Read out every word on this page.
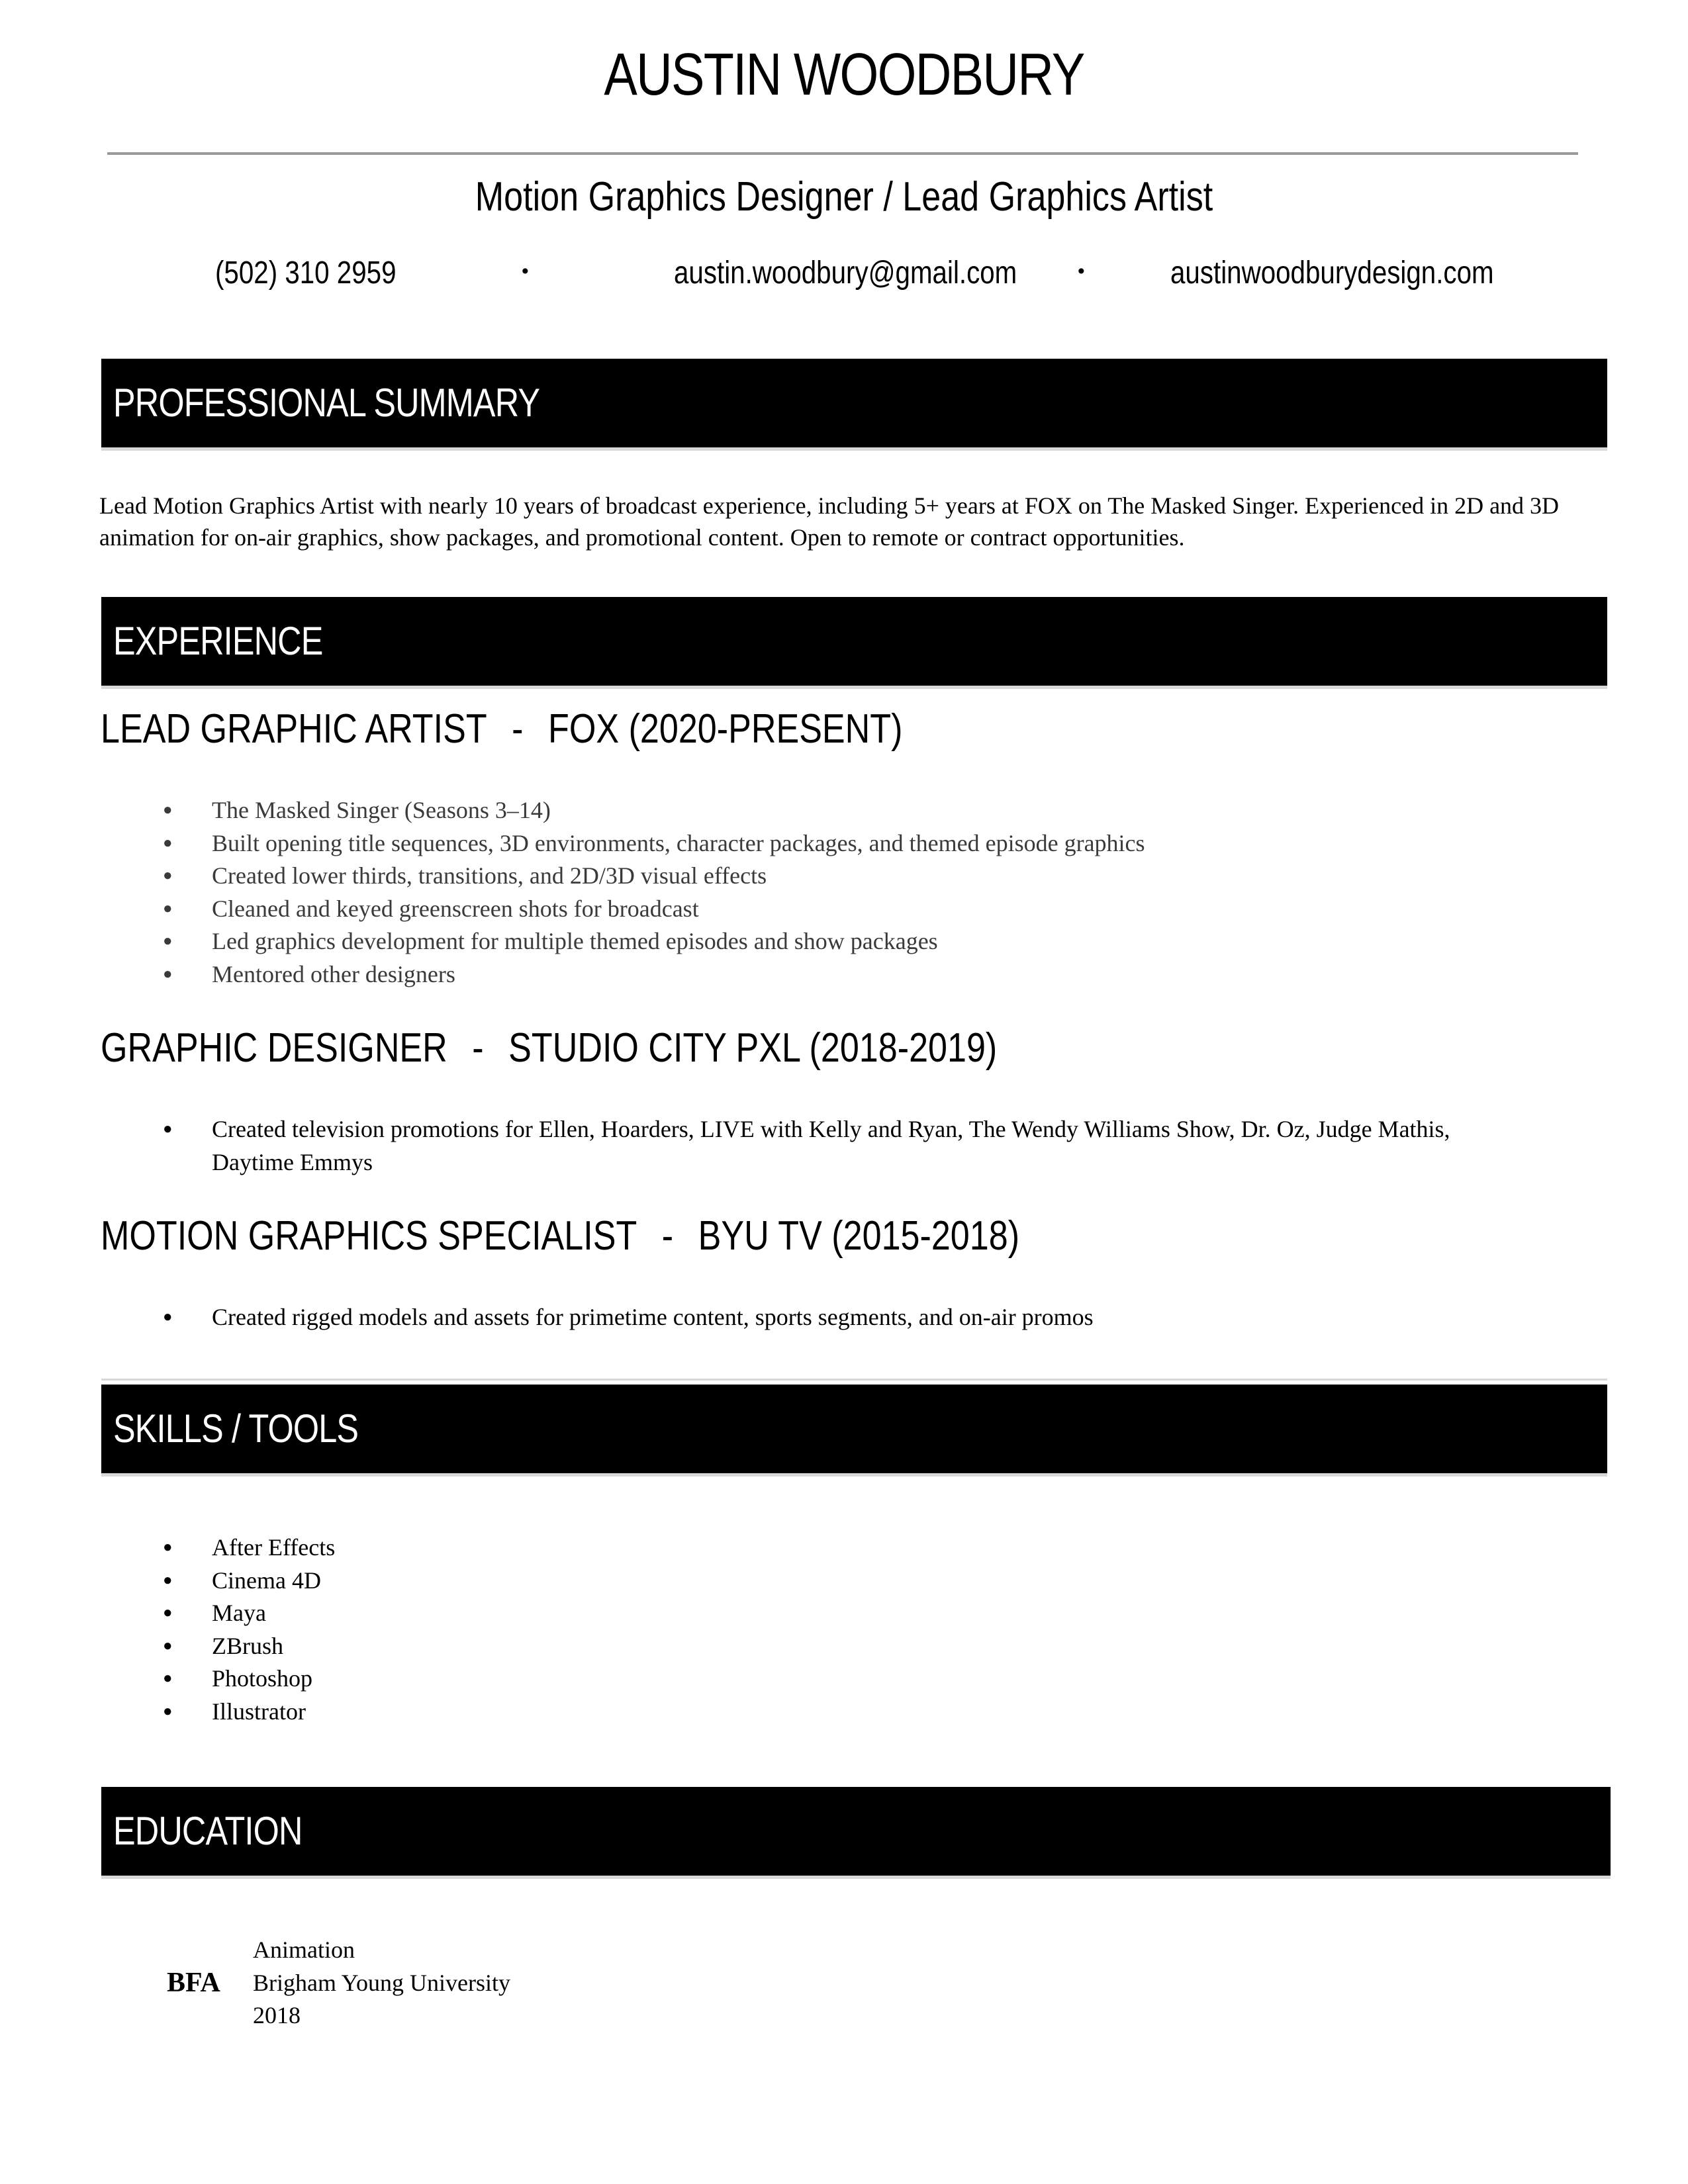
AUSTIN WOODBURY
Motion Graphics Designer / Lead Graphics Artist
(502) 310 2959	·	austin.woodbury@gmail.com ·	austinwoodburydesign.com
PROFESSIONAL SUMMARY
Lead Motion Graphics Artist with nearly 10 years of broadcast experience, including 5+ years at FOX on The Masked Singer. Experienced in 2D and 3D animation for on-air graphics, show packages, and promotional content. Open to remote or contract opportunities.
EXPERIENCE
LEAD GRAPHIC ARTIST - FOX (2020-PRESENT)
● The Masked Singer (Seasons 3–14)
● Built opening title sequences, 3D environments, character packages, and themed episode graphics
● Created lower thirds, transitions, and 2D/3D visual effects
● Cleaned and keyed greenscreen shots for broadcast
● Led graphics development for multiple themed episodes and show packages
● Mentored other designers
GRAPHIC DESIGNER - STUDIO CITY PXL (2018-2019)
● Created television promotions for Ellen, Hoarders, LIVE with Kelly and Ryan, The Wendy Williams Show, Dr. Oz, Judge Mathis, Daytime Emmys
MOTION GRAPHICS SPECIALIST - BYU TV (2015-2018)
● Created rigged models and assets for primetime content, sports segments, and on-air promos
SKILLS / TOOLS
● After Effects
● Cinema 4D
● Maya
● ZBrush
● Photoshop
● Illustrator
EDUCATION
BFA
Animation
Brigham Young University
2018
